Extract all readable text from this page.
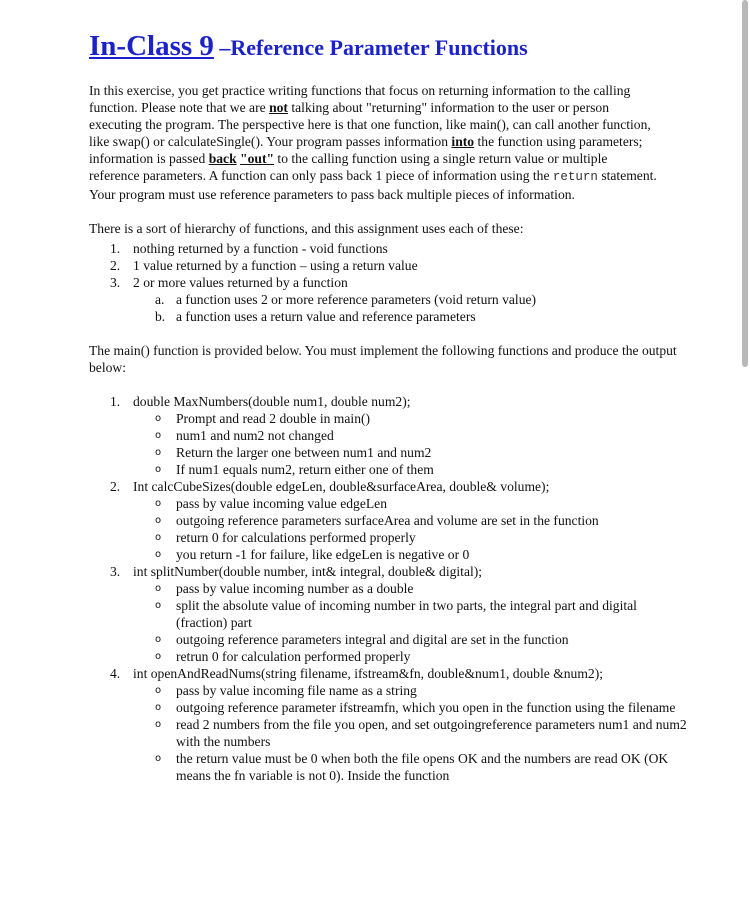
In-Class 9 –Reference Parameter Functions

In this exercise, you get practice writing functions that focus on returning information to the calling function. Please note that we are not talking about "returning" information to the user or person executing the program. The perspective here is that one function, like main(), can call another function, like swap() or calculateSingle(). Your program passes information into the function using parameters; information is passed back "out" to the calling function using a single return value or multiple reference parameters. A function can only pass back 1 piece of information using the return statement. Your program must use reference parameters to pass back multiple pieces of information.

There is a sort of hierarchy of functions, and this assignment uses each of these:

1. nothing returned by a function - void functions
2. 1 value returned by a function – using a return value
3. 2 or more values returned by a function
a. a function uses 2 or more reference parameters (void return value)
b. a function uses a return value and reference parameters

The main() function is provided below. You must implement the following functions and produce the output below:

1. double MaxNumbers(double num1, double num2);
o Prompt and read 2 double in main()
o num1 and num2 not changed
o Return the larger one between num1 and num2
o If num1 equals num2, return either one of them
2. Int calcCubeSizes(double edgeLen, double&surfaceArea, double& volume);
o pass by value incoming value edgeLen
o outgoing reference parameters surfaceArea and volume are set in the function
o return 0 for calculations performed properly
o you return -1 for failure, like edgeLen is negative or 0
3. int splitNumber(double number, int& integral, double& digital);
o pass by value incoming number as a double
o split the absolute value of incoming number in two parts, the integral part and digital (fraction) part
o outgoing reference parameters integral and digital are set in the function
o retrun 0 for calculation performed properly
4. int openAndReadNums(string filename, ifstream&fn, double&num1, double &num2);
o pass by value incoming file name as a string
o outgoing reference parameter ifstreamfn, which you open in the function using the filename
o read 2 numbers from the file you open, and set outgoingreference parameters num1 and num2 with the numbers
o the return value must be 0 when both the file opens OK and the numbers are read OK (OK means the fn variable is not 0). Inside the function
